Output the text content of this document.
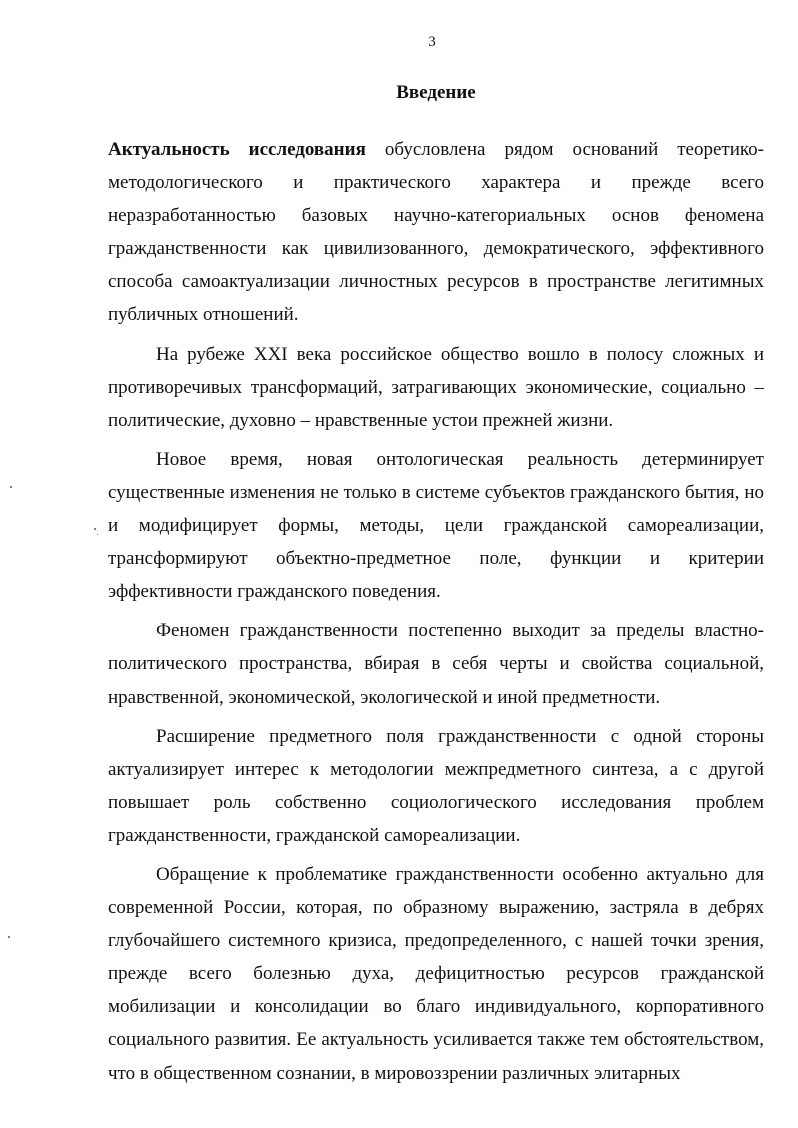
3
Введение

Актуальность исследования обусловлена рядом оснований теоретико-методологического и практического характера и прежде всего неразработанностью базовых научно-категориальных основ феномена гражданственности как цивилизованного, демократического, эффективного способа самоактуализации личностных ресурсов в пространстве легитимных публичных отношений.

На рубеже XXI века российское общество вошло в полосу сложных и противоречивых трансформаций, затрагивающих экономические, социально – политические, духовно – нравственные устои прежней жизни.

Новое время, новая онтологическая реальность детерминирует существенные изменения не только в системе субъектов гражданского бытия, но и модифицирует формы, методы, цели гражданской самореализации, трансформируют объектно-предметное поле, функции и критерии эффективности гражданского поведения.

Феномен гражданственности постепенно выходит за пределы властно-политического пространства, вбирая в себя черты и свойства социальной, нравственной, экономической, экологической и иной предметности.

Расширение предметного поля гражданственности с одной стороны актуализирует интерес к методологии межпредметного синтеза, а с другой повышает роль собственно социологического исследования проблем гражданственности, гражданской самореализации.

Обращение к проблематике гражданственности особенно актуально для современной России, которая, по образному выражению, застряла в дебрях глубочайшего системного кризиса, предопределенного, с нашей точки зрения, прежде всего болезнью духа, дефицитностью ресурсов гражданской мобилизации и консолидации во благо индивидуального, корпоративного социального развития. Ее актуальность усиливается также тем обстоятельством, что в общественном сознании, в мировоззрении различных элитарных
